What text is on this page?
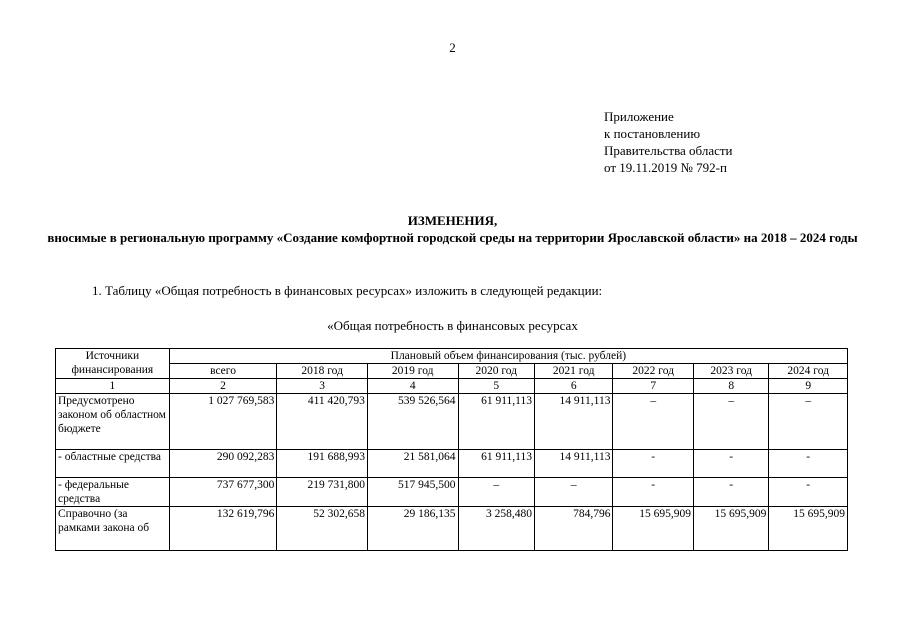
2
Приложение
к постановлению
Правительства области
от 19.11.2019 № 792-п
ИЗМЕНЕНИЯ,
вносимые в региональную программу «Создание комфортной городской среды на территории Ярославской области» на 2018 – 2024 годы
1. Таблицу «Общая потребность в финансовых ресурсах» изложить в следующей редакции:
«Общая потребность в финансовых ресурсах
Источники финансирования	Плановый объем финансирования (тыс. рублей)							
	всего	2018 год	2019 год	2020 год	2021 год	2022 год	2023 год	2024 год
1	2	3	4	5	6	7	8	9
Предусмотрено законом об областном бюджете	1 027 769,583	411 420,793	539 526,564	61 911,113	14 911,113	–	–	–
- областные средства	290 092,283	191 688,993	21 581,064	61 911,113	14 911,113	-	-	-
- федеральные средства	737 677,300	219 731,800	517 945,500	–	–	-	-	-
Справочно (за рамками закона об	132 619,796	52 302,658	29 186,135	3 258,480	784,796	15 695,909	15 695,909	15 695,909
